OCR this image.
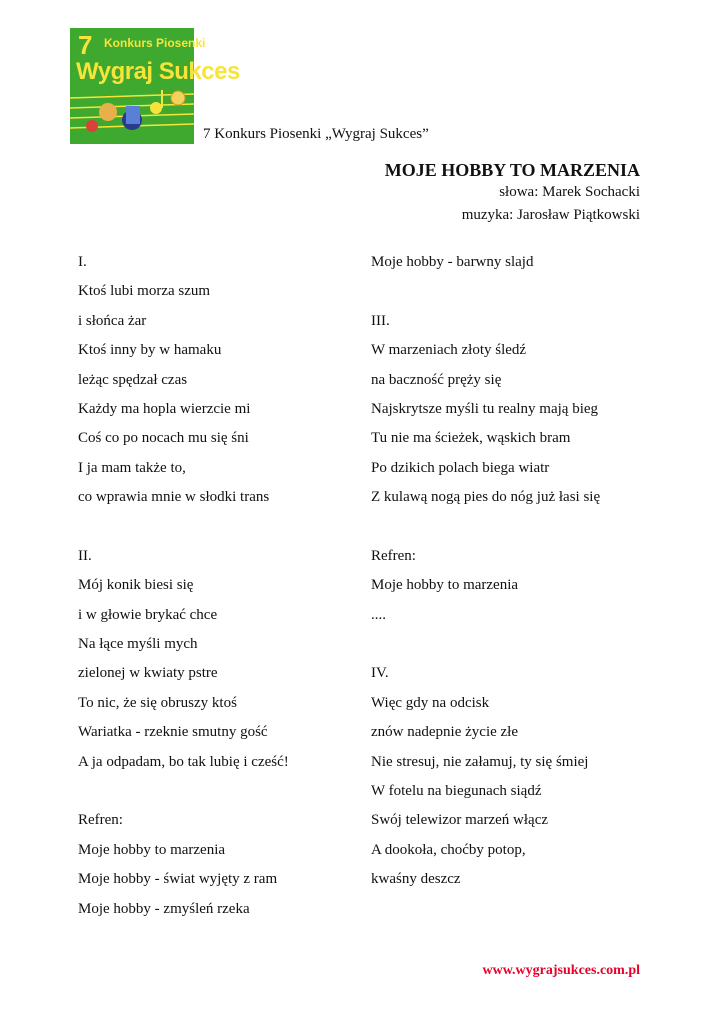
7 Konkurs Piosenki
Wygraj Sukces
7 Konkurs Piosenki „Wygraj Sukces”
MOJE HOBBY TO MARZENIA
słowa: Marek Sochacki
muzyka: Jarosław Piątkowski
I.
Ktoś lubi morza szum
i słońca żar
Ktoś inny by w hamaku
leżąc spędzał czas
Każdy ma hopla wierzcie mi
Coś co po nocach mu się śni
I ja mam także to,
co wprawia mnie w słodki trans
II.
Mój konik biesi się
i w głowie brykać chce
Na łące myśli mych
zielonej w kwiaty pstre
To nic, że się obruszy ktoś
Wariatka - rzeknie smutny gość
A ja odpadam, bo tak lubię i cześć!
Refren:
Moje hobby to marzenia
Moje hobby - świat wyjęty z ram
Moje hobby - zmyśleń rzeka
Moje hobby - barwny slajd
III.
W marzeniach złoty śledź
na baczność pręży się
Najskrytsze myśli tu realny mają bieg
Tu nie ma ścieżek, wąskich bram
Po dzikich polach biega wiatr
Z kulawą nogą pies do nóg już łasi się
Refren:
Moje hobby to marzenia
....
IV.
Więc gdy na odcisk
znów nadepnie życie złe
Nie stresuj, nie załamuj, ty się śmiej
W fotelu na biegunach siądź
Swój telewizor marzeń włącz
A dookoła, choćby potop,
kwaśny deszcz
www.wygrajsukces.com.pl
